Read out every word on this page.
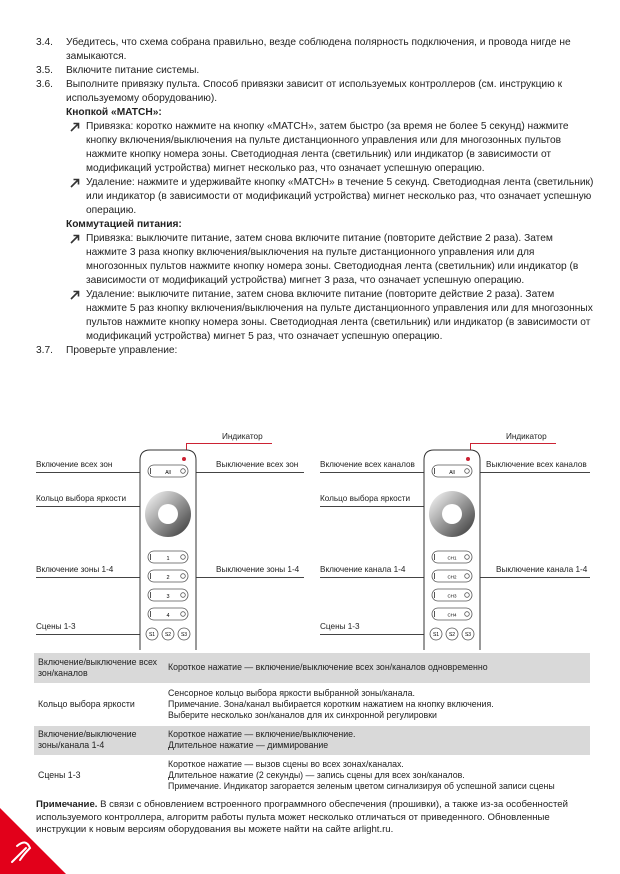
3.4.	Убедитесь, что схема собрана правильно, везде соблюдена полярность подключения, и провода нигде не замыкаются.
3.5.	Включите питание системы.
3.6.	Выполните привязку пульта. Способ привязки зависит от используемых контроллеров (см. инструкцию к используемому оборудованию).
Кнопкой «MATCH»:
Привязка: коротко нажмите на кнопку «MATCH», затем быстро (за время не более 5 секунд) нажмите кнопку включения/выключения на пульте дистанционного управления или для многозонных пультов нажмите кнопку номера зоны. Светодиодная лента (светильник) или индикатор (в зависимости от модификаций устройства) мигнет несколько раз, что означает успешную операцию.
Удаление: нажмите и удерживайте кнопку «MATCH» в течение 5 секунд. Светодиодная лента (светильник) или индикатор (в зависимости от модификаций устройства) мигнет несколько раз, что означает успешную операцию.
Коммутацией питания:
Привязка: выключите питание, затем снова включите питание (повторите действие 2 раза). Затем нажмите 3 раза кнопку включения/выключения на пульте дистанционного управления или для многозонных пультов нажмите кнопку номера зоны. Светодиодная лента (светильник) или индикатор (в зависимости от модификаций устройства) мигнет 3 раза, что означает успешную операцию.
Удаление: выключите питание, затем снова включите питание (повторите действие 2 раза). Затем нажмите 5 раз кнопку включения/выключения на пульте дистанционного управления или для многозонных пультов нажмите кнопку номера зоны. Светодиодная лента (светильник) или индикатор (в зависимости от модификаций устройства) мигнет 5 раз, что означает успешную операцию.
3.7.	Проверьте управление:
Индикатор
Включение всех зон	Выключение всех зон
Кольцо выбора яркости
Включение зоны 1-4	Выключение зоны 1-4
Сцены 1-3
All
1
2
3
4
S1 S2 S3
Индикатор
Включение всех каналов	Выключение всех каналов
Кольцо выбора яркости
Включение канала 1-4	Выключение канала 1-4
Сцены 1-3
All
CH1
CH2
CH3
CH4
S1 S2 S3
Включение/выключение всех зон/каналов	Короткое нажатие — включение/выключение всех зон/каналов одновременно

Кольцо выбора яркости	Сенсорное кольцо выбора яркости выбранной зоны/канала.
Примечание. Зона/канал выбирается коротким нажатием на кнопку включения.
Выберите несколько зон/каналов для их синхронной регулировки

Включение/выключение зоны/канала 1-4	Короткое нажатие — включение/выключение.
Длительное нажатие — диммирование

Сцены 1-3	Короткое нажатие — вызов сцены во всех зонах/каналах.
Длительное нажатие (2 секунды) — запись сцены для всех зон/каналов.
Примечание. Индикатор загорается зеленым цветом сигнализируя об успешной записи сцены
Примечание. В связи с обновлением встроенного программного обеспечения (прошивки), а также из-за особенностей используемого контроллера, алгоритм работы пульта может несколько отличаться от приведенного. Обновленные инструкции к новым версиям оборудования вы можете найти на сайте arlight.ru.
